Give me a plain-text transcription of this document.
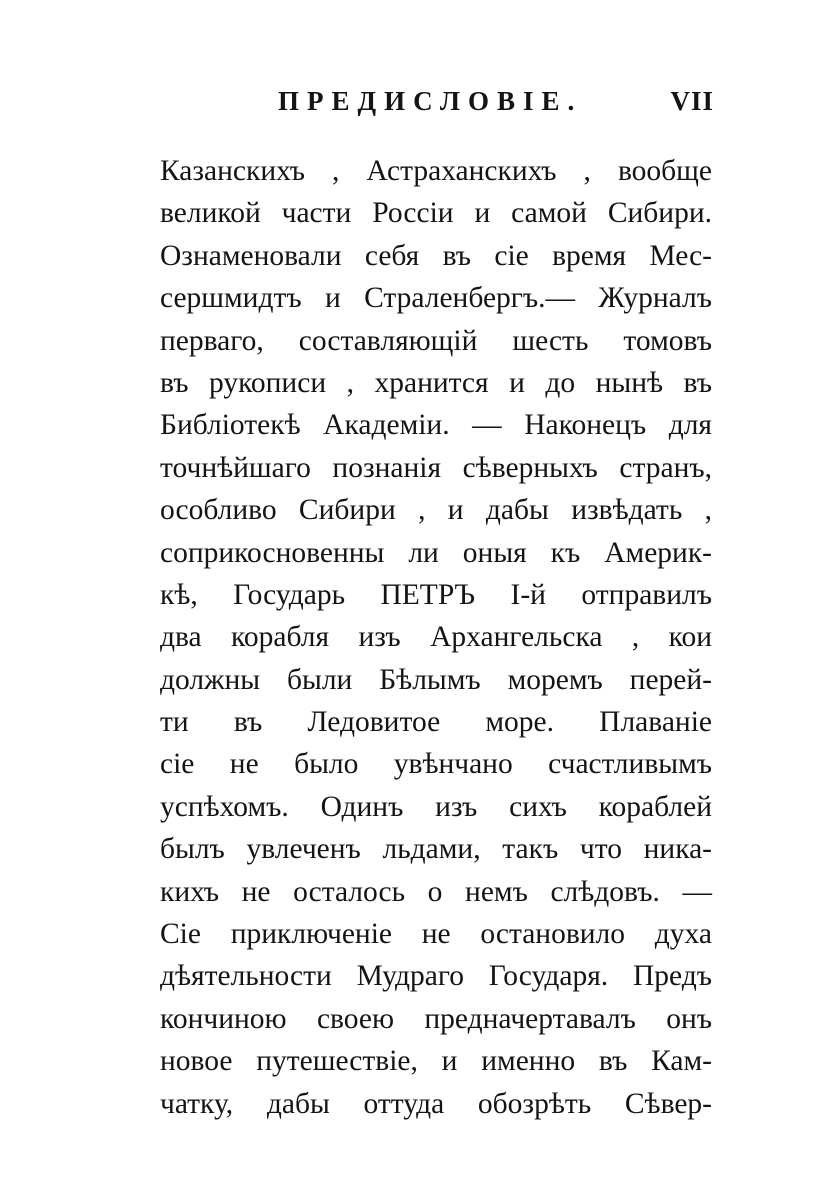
ПРЕДИСЛОВІЕ.	VII
Казанскихъ , Астраханскихъ , вообще
великой части Россіи и самой Сибири.
Ознаменовали себя въ сіе время Мес-
сершмидтъ и Страленбергъ.— Журналъ
перваго, составляющій шесть томовъ
въ рукописи , хранится и до нынѣ въ
Библіотекѣ Академіи. — Наконецъ для
точнѣйшаго познанія сѣверныхъ странъ,
особливо Сибири , и дабы извѣдать ,
соприкосновенны ли оныя къ Америк-
кѣ, Государь ПЕТРЪ I-й отправилъ
два корабля изъ Архангельска , кои
должны были Бѣлымъ моремъ перей-
ти въ Ледовитое море. Плаваніе
сіе не было увѣнчано счастливымъ
успѣхомъ. Одинъ изъ сихъ кораблей
былъ увлеченъ льдами, такъ что ника-
кихъ не осталось о немъ слѣдовъ. —
Сіе приключеніе не остановило духа
дѣятельности Мудраго Государя. Предъ
кончиною своею предначертавалъ онъ
новое путешествіе, и именно въ Кам-
чатку, дабы оттуда обозрѣть Сѣвер-
